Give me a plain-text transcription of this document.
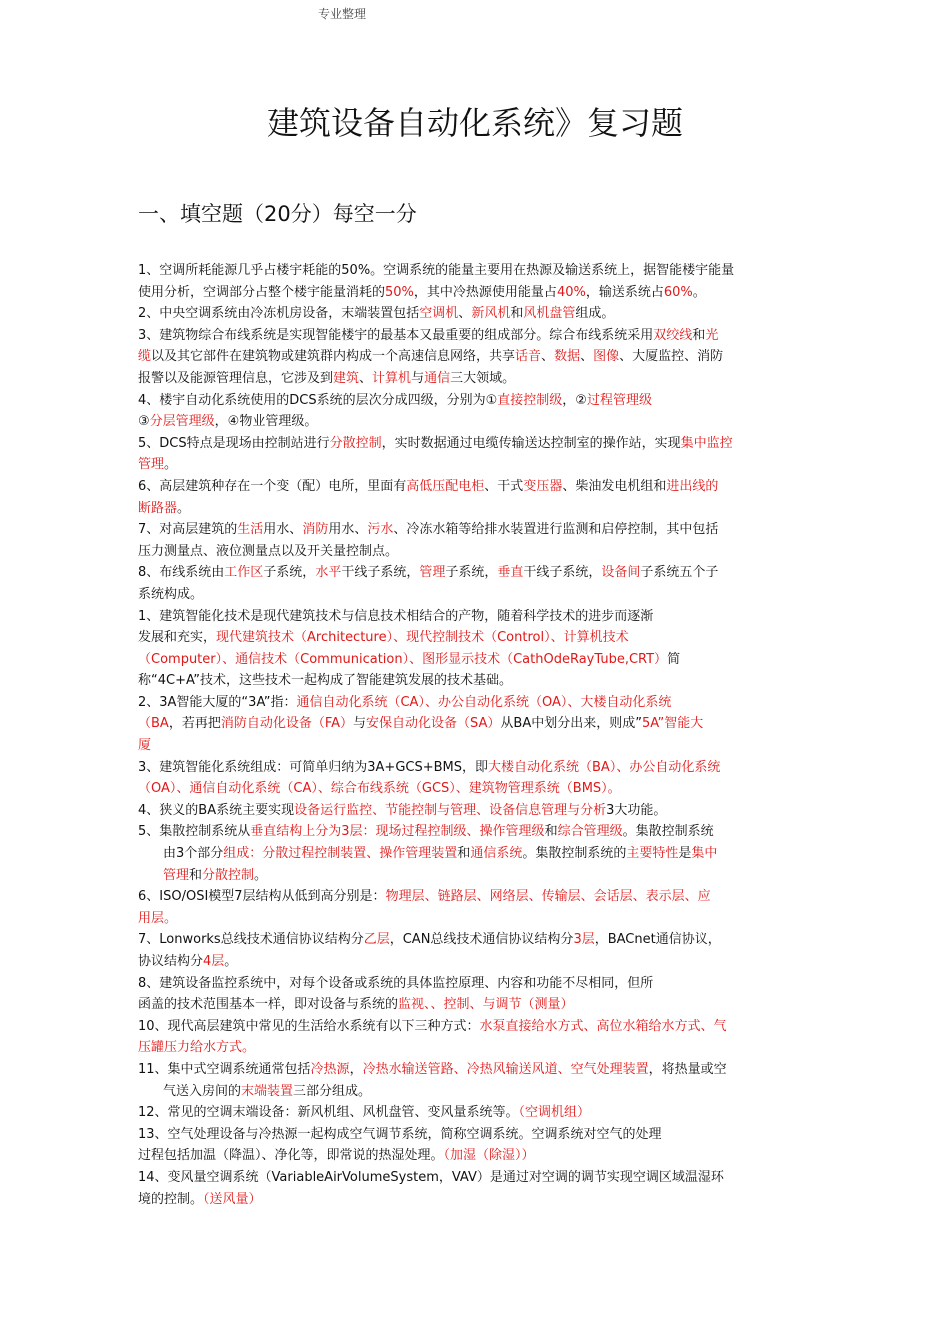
专业整理
建筑设备自动化系统》复习题
一、填空题（20分）每空一分
1、空调所耗能源几乎占楼宇耗能的50%。空调系统的能量主要用在热源及输送系统上，据智能楼宇能量
使用分析，空调部分占整个楼宇能量消耗的50%，其中冷热源使用能量占40%，输送系统占60%。
2、中央空调系统由冷冻机房设备，末端装置包括空调机、新风机和风机盘管组成。
3、建筑物综合布线系统是实现智能楼宇的最基本又最重要的组成部分。综合布线系统采用双绞线和光
缆以及其它部件在建筑物或建筑群内构成一个高速信息网络，共享话音、数据、图像、大厦监控、消防
报警以及能源管理信息，它涉及到建筑、计算机与通信三大领域。
4、楼宇自动化系统使用的DCS系统的层次分成四级，分别为①直接控制级，②过程管理级
③分层管理级，④物业管理级。
5、DCS特点是现场由控制站进行分散控制，实时数据通过电缆传输送达控制室的操作站，实现集中监控
管理。
6、高层建筑种存在一个变（配）电所，里面有高低压配电柜、干式变压器、柴油发电机组和进出线的
断路器。
7、对高层建筑的生活用水、消防用水、污水、冷冻水箱等给排水装置进行监测和启停控制，其中包括
压力测量点、液位测量点以及开关量控制点。
8、布线系统由工作区子系统，水平干线子系统，管理子系统，垂直干线子系统，设备间子系统五个子
系统构成。
1、建筑智能化技术是现代建筑技术与信息技术相结合的产物，随着科学技术的进步而逐渐
发展和充实，现代建筑技术（Architecture）、现代控制技术（Control）、计算机技术
（Computer）、通信技术（Communication）、图形显示技术（CathOdeRayTube,CRT）简
称“4C+A”技术，这些技术一起构成了智能建筑发展的技术基础。
2、3A智能大厦的“3A”指：通信自动化系统（CA）、办公自动化系统（OA）、大楼自动化系统
（BA，若再把消防自动化设备（FA）与安保自动化设备（SA）从BA中划分出来，则成”5A”智能大
厦
3、建筑智能化系统组成：可简单归纳为3A+GCS+BMS，即大楼自动化系统（BA）、办公自动化系统
（OA）、通信自动化系统（CA）、综合布线系统（GCS）、建筑物管理系统（BMS）。
4、狭义的BA系统主要实现设备运行监控、节能控制与管理、设备信息管理与分析3大功能。
5、集散控制系统从垂直结构上分为3层：现场过程控制级、操作管理级和综合管理级。集散控制系统
由3个部分组成：分散过程控制装置、操作管理装置和通信系统。集散控制系统的主要特性是集中
管理和分散控制。
6、ISO/OSI模型7层结构从低到高分别是：物理层、链路层、网络层、传输层、会话层、表示层、应
用层。
7、Lonworks总线技术通信协议结构分乙层，CAN总线技术通信协议结构分3层，BACnet通信协议，
协议结构分4层。
8、建筑设备监控系统中，对每个设备或系统的具体监控原理、内容和功能不尽相同，但所
函盖的技术范围基本一样，即对设备与系统的监视、、控制、与调节（测量）
10、现代高层建筑中常见的生活给水系统有以下三种方式：水泵直接给水方式、高位水箱给水方式、气
压罐压力给水方式。
11、集中式空调系统通常包括冷热源，冷热水输送管路、冷热风输送风道、空气处理装置，将热量或空
气送入房间的末端装置三部分组成。
12、常见的空调末端设备：新风机组、风机盘管、变风量系统等。（空调机组）
13、空气处理设备与冷热源一起构成空气调节系统，简称空调系统。空调系统对空气的处理
过程包括加温（降温）、净化等，即常说的热湿处理。（加湿（除湿））
14、变风量空调系统（VariableAirVolumeSystem，VAV）是通过对空调的调节实现空调区域温湿环
境的控制。（送风量）
